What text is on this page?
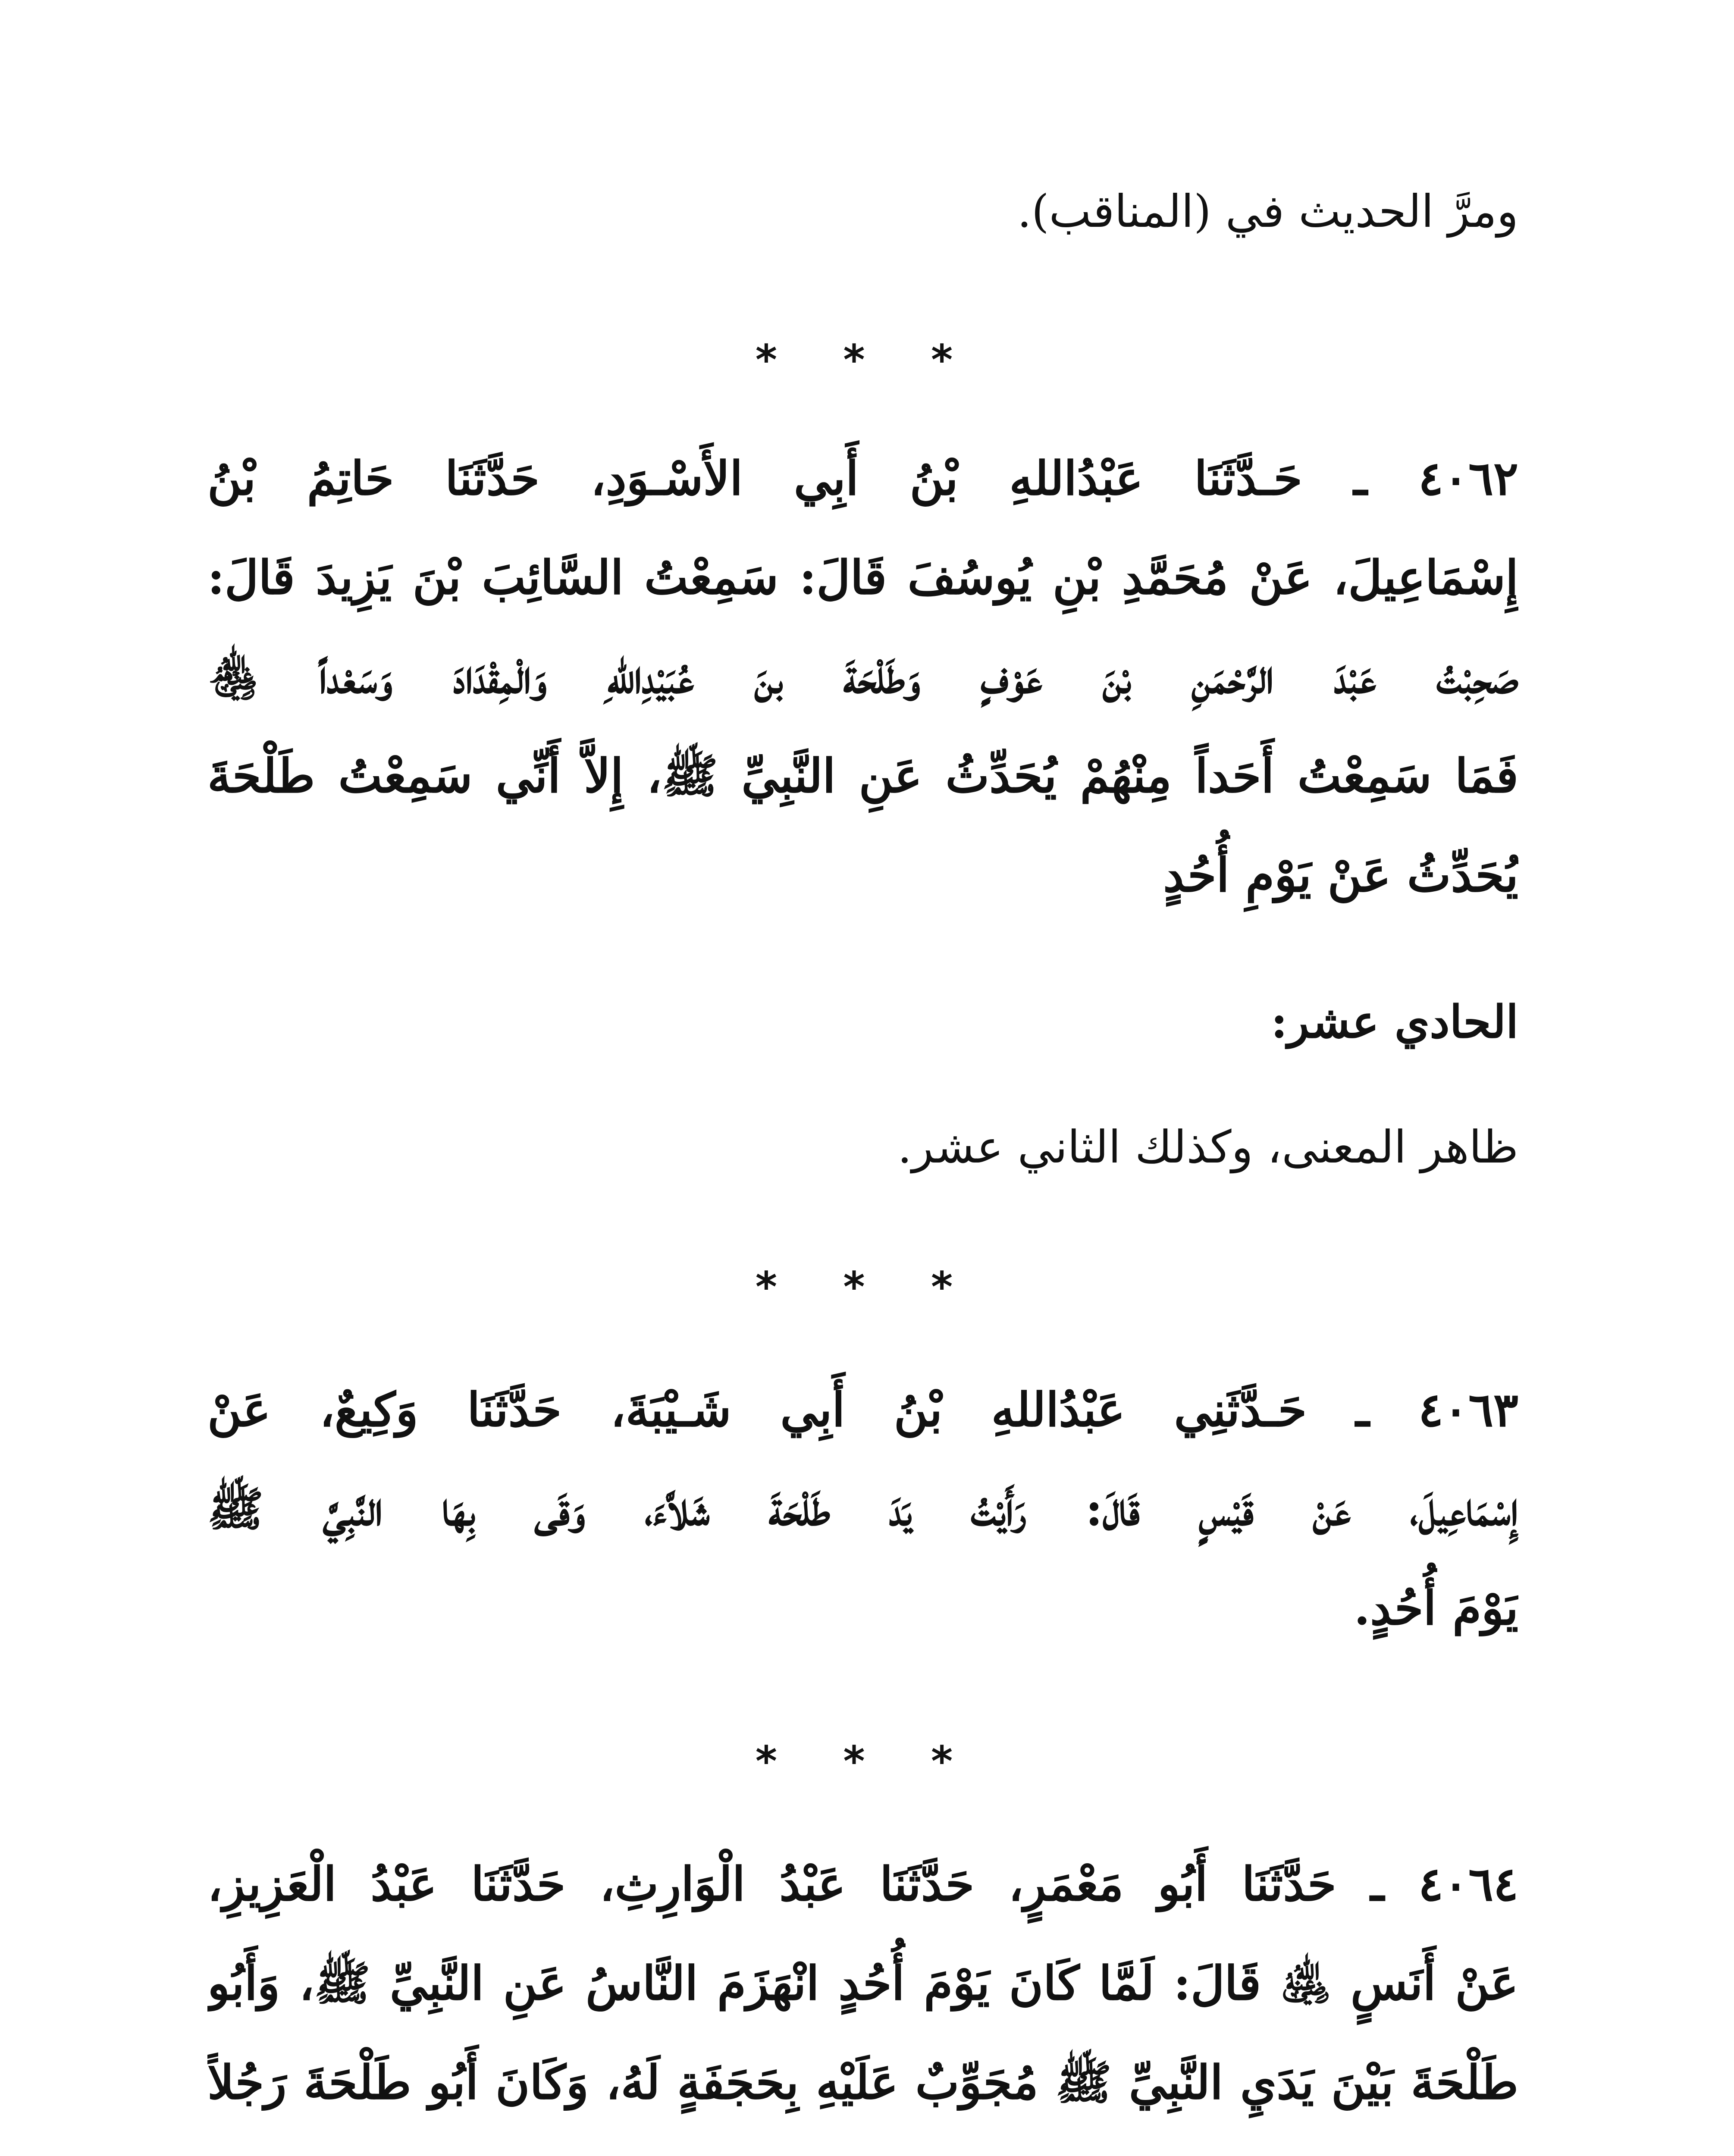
ومرَّ الحديث في (المناقب).

* * *

٤٠٦٢ ـ حَـدَّثَنَا عَبْدُاللهِ بْنُ أَبِي الأَسْـوَدِ، حَدَّثَنَا حَاتِمُ بْنُ

إِسْمَاعِيلَ، عَنْ مُحَمَّدِ بْنِ يُوسُفَ قَالَ: سَمِعْتُ السَّائِبَ بْنَ يَزِيدَ قَالَ:

صَحِبْتُ عَبْدَ الرَّحْمَنِ بْنَ عَوْفٍ وَطَلْحَةَ بنَ عُبَيْدِاللهِ وَالْمِقْدَادَ وَسَعْداً ﵃

فَمَا سَمِعْتُ أَحَداً مِنْهُمْ يُحَدِّثُ عَنِ النَّبِيِّ ﷺ، إِلاَّ أَنِّي سَمِعْتُ طَلْحَةَ

يُحَدِّثُ عَنْ يَوْمِ أُحُدٍ

الحادي عشر:

ظاهر المعنى، وكذلك الثاني عشر.

* * *

٤٠٦٣ ـ حَـدَّثَنِي عَبْدُاللهِ بْنُ أَبِي شَـيْبَةَ، حَدَّثَنَا وَكِيعٌ، عَنْ

إِسْمَاعِيلَ، عَنْ قَيْسٍ قَالَ: رَأَيْتُ يَدَ طَلْحَةَ شَلاَّءَ، وَقَى بِهَا النَّبِيَّ ﷺ

يَوْمَ أُحُدٍ.

* * *

٤٠٦٤ ـ حَدَّثَنَا أَبُو مَعْمَرٍ، حَدَّثَنَا عَبْدُ الْوَارِثِ، حَدَّثَنَا عَبْدُ الْعَزِيزِ،

عَنْ أَنَسٍ ﵁ قَالَ: لَمَّا كَانَ يَوْمَ أُحُدٍ انْهَزَمَ النَّاسُ عَنِ النَّبِيِّ ﷺ، وَأَبُو

طَلْحَةَ بَيْنَ يَدَيِ النَّبِيِّ ﷺ مُجَوِّبٌ عَلَيْهِ بِحَجَفَةٍ لَهُ، وَكَانَ أَبُو طَلْحَةَ رَجُلاً
